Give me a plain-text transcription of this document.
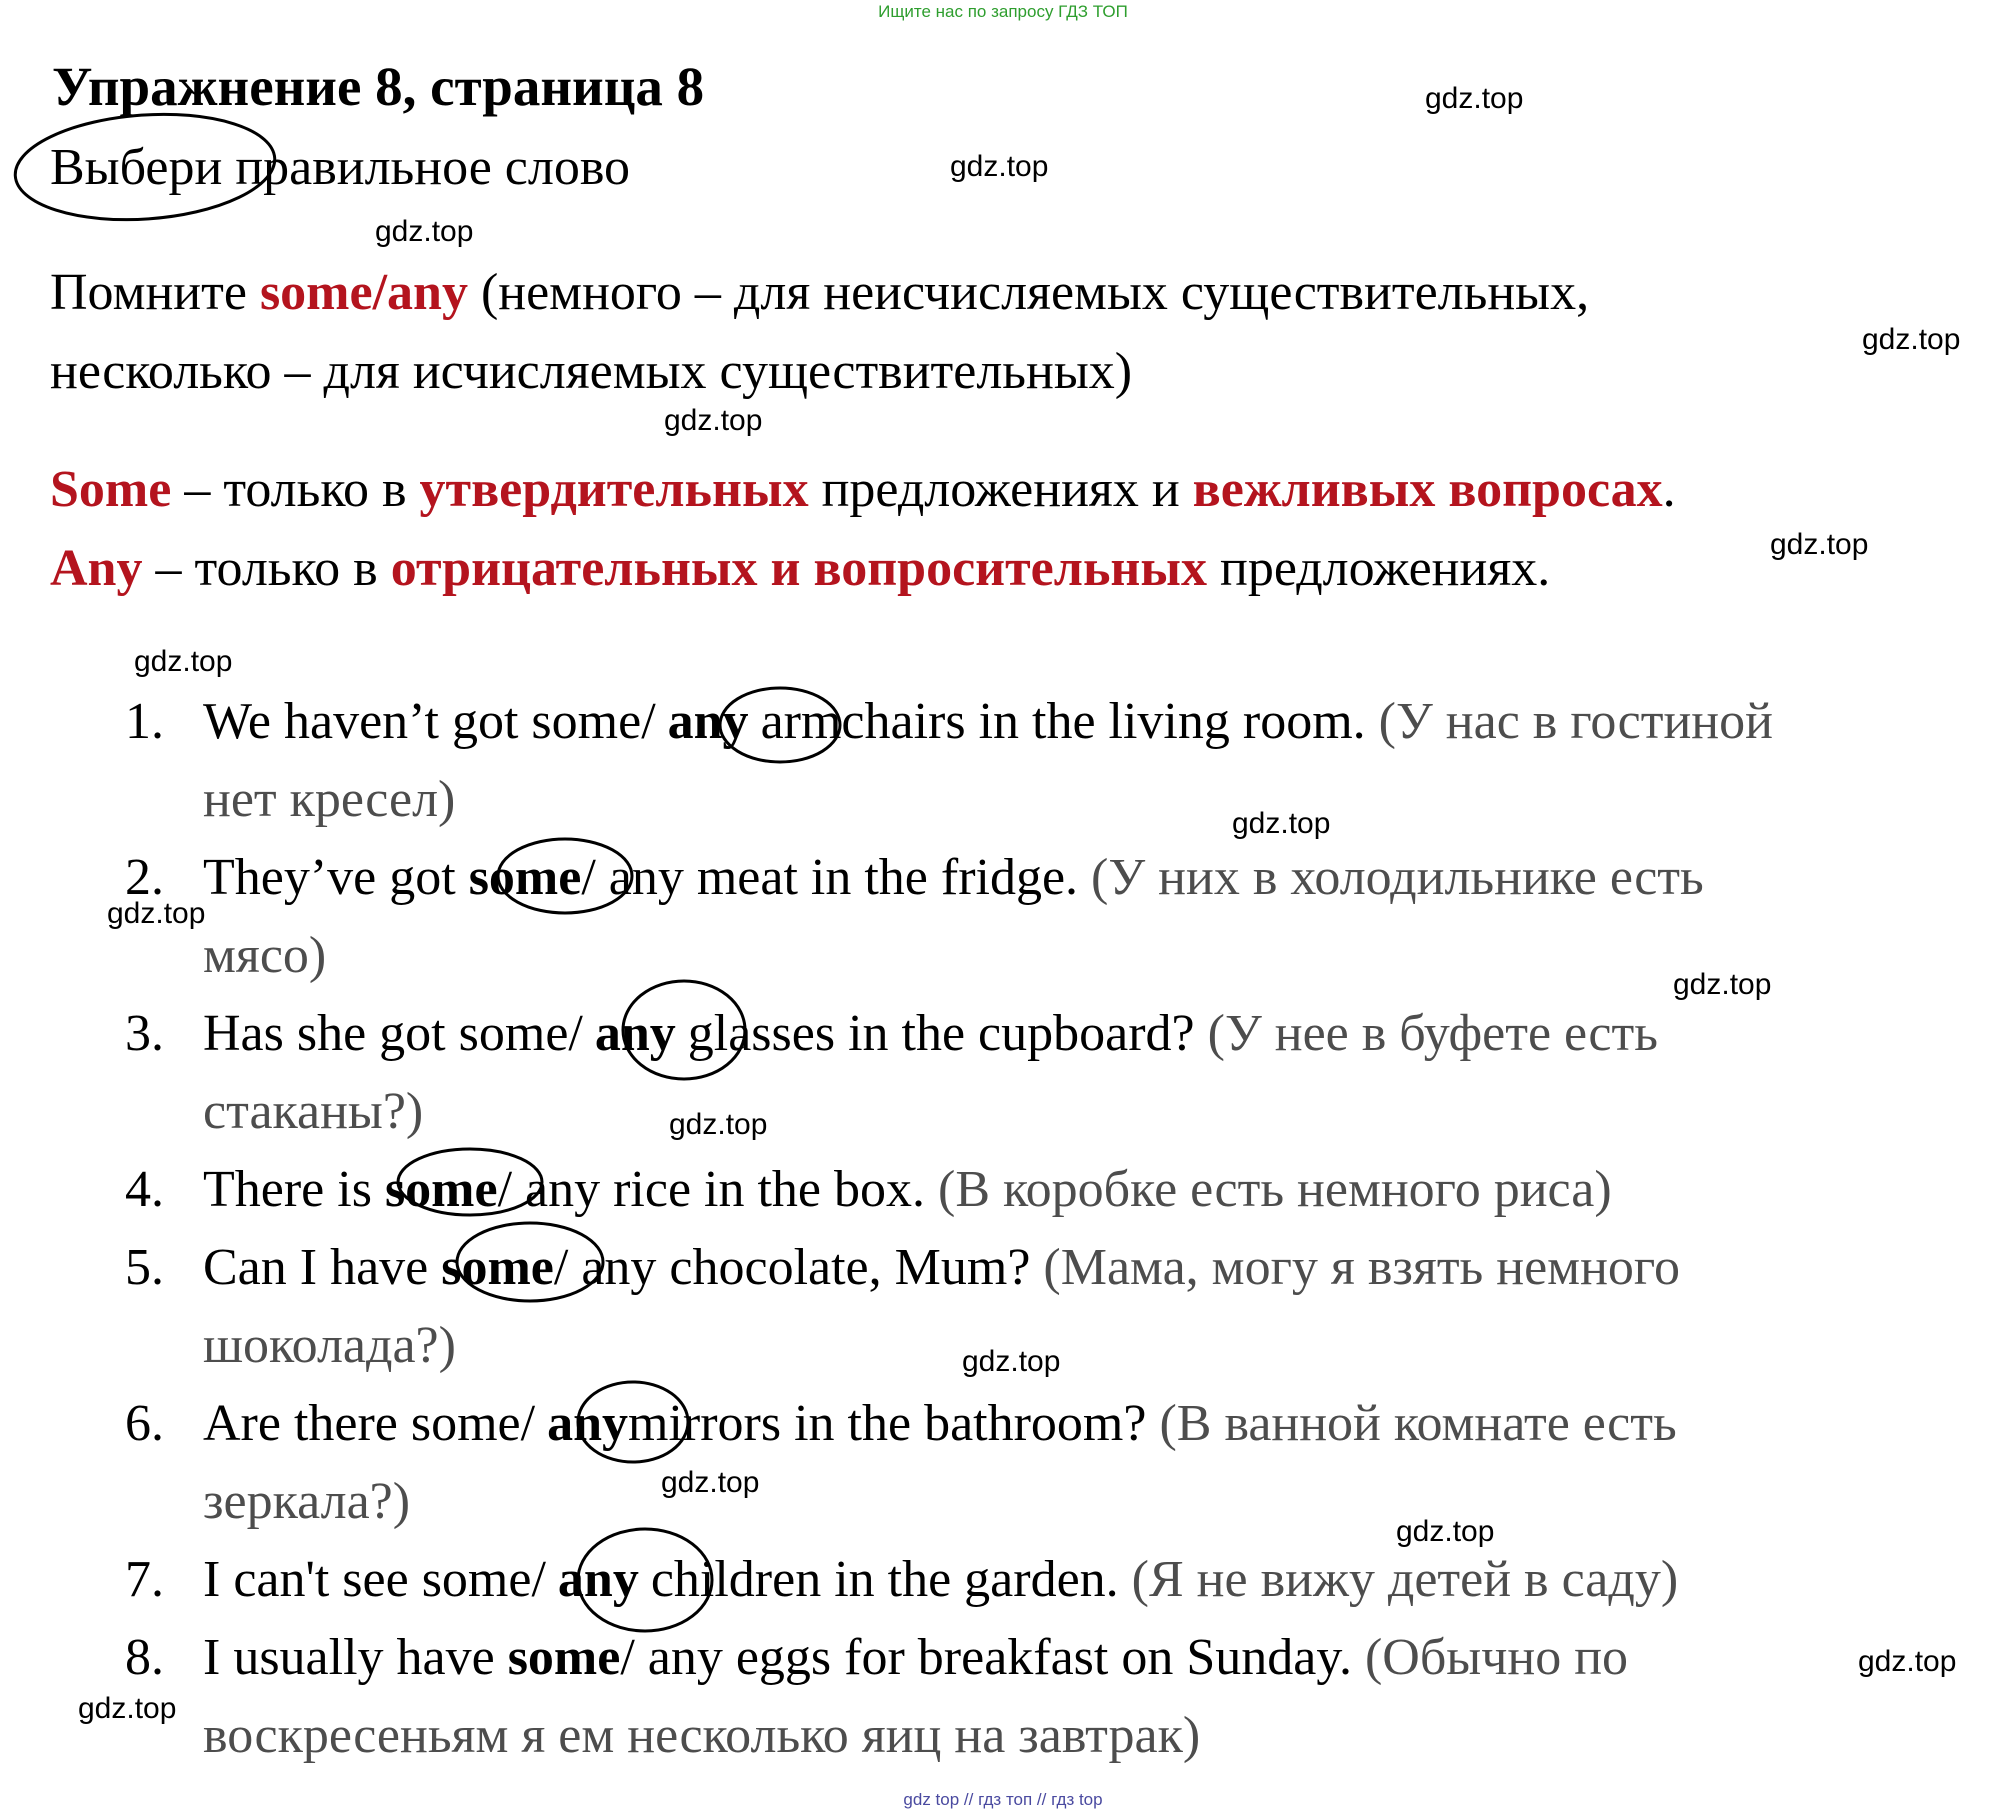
Ищите нас по запросу ГДЗ ТОП
Упражнение 8, страница 8
Выбери правильное слово
Помните some/any (немного – для неисчисляемых существительных,
несколько – для исчисляемых существительных)
Some – только в утвердительных предложениях и вежливых вопросах.
Any – только в отрицательных и вопросительных предложениях.
1. We haven’t got some/ any armchairs in the living room. (У нас в гостиной
нет кресел)
2. They’ve got some/ any meat in the fridge. (У них в холодильнике есть
мясо)
3. Has she got some/ any glasses in the cupboard? (У нее в буфете есть
стаканы?)
4. There is some/ any rice in the box. (В коробке есть немного риса)
5. Can I have some/ any chocolate, Mum? (Мама, могу я взять немного
шоколада?)
6. Are there some/ anymirrors in the bathroom? (В ванной комнате есть
зеркала?)
7. I can't see some/ any children in the garden. (Я не вижу детей в саду)
8. I usually have some/ any eggs for breakfast on Sunday. (Обычно по
воскресеньям я ем несколько яиц на завтрак)
gdz.top
gdz.top
gdz.top
gdz.top
gdz.top
gdz.top
gdz.top
gdz.top
gdz.top
gdz.top
gdz.top
gdz.top
gdz.top
gdz.top
gdz.top
gdz.top
gdz top // гдз топ // гдз top
